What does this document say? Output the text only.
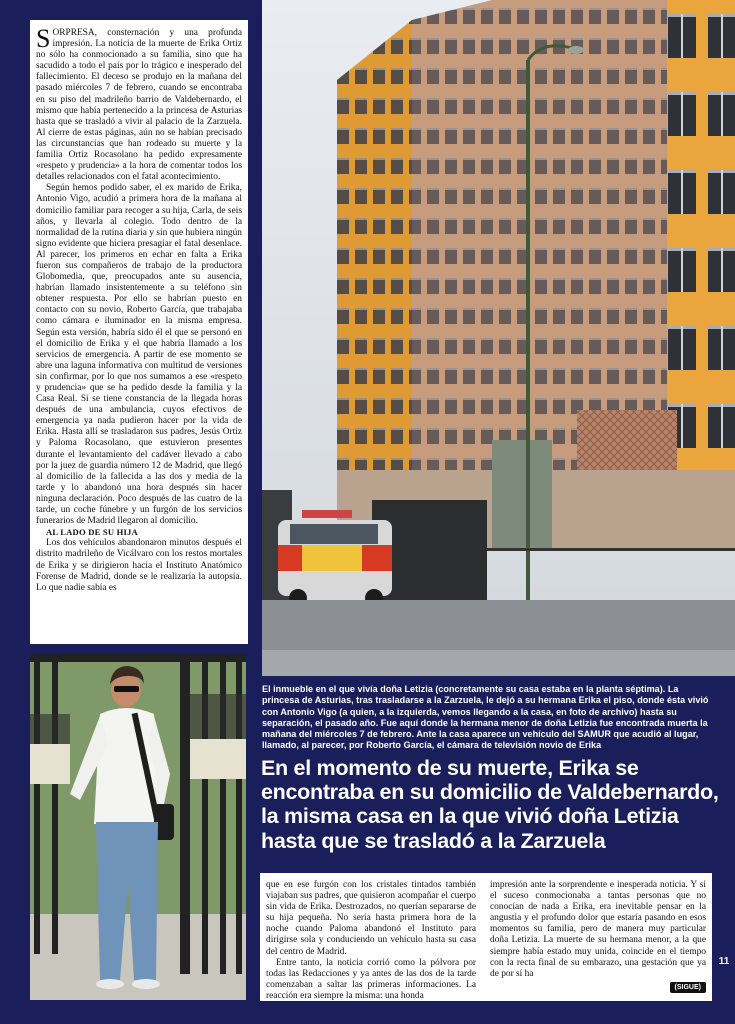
SORPRESA, consternación y una profunda impresión. La noticia de la muerte de Erika Ortiz no sólo ha conmocionado a su familia, sino que ha sacudido a todo el país por lo trágico e inesperado del fallecimiento. El deceso se produjo en la mañana del pasado miércoles 7 de febrero, cuando se encontraba en su piso del madrileño barrio de Valdebernardo, el mismo que había pertenecido a la princesa de Asturias hasta que se trasladó a vivir al palacio de la Zarzuela. Al cierre de estas páginas, aún no se habían precisado las circunstancias que han rodeado su muerte y la familia Ortiz Rocasolano ha pedido expresamente «respeto y prudencia» a la hora de comentar todos los detalles relacionados con el fatal acontecimiento.

Según hemos podido saber, el ex marido de Erika, Antonio Vigo, acudió a primera hora de la mañana al domicilio familiar para recoger a su hija, Carla, de seis años, y llevarla al colegio. Todo dentro de la normalidad de la rutina diaria y sin que hubiera ningún signo evidente que hiciera presagiar el fatal desenlace. Al parecer, los primeros en echar en falta a Erika fueron sus compañeros de trabajo de la productora Globomedia, que, preocupados ante su ausencia, habrían llamado insistentemente a su teléfono sin obtener respuesta. Por ello se habrían puesto en contacto con su novio, Roberto García, que trabajaba como cámara e iluminador en la misma empresa. Según esta versión, habría sido él el que se personó en el domicilio de Erika y el que habría llamado a los servicios de emergencia. A partir de ese momento se abre una laguna informativa con multitud de versiones sin confirmar, por lo que nos sumamos a ese «respeto y prudencia» que se ha pedido desde la familia y la Casa Real. Sí se tiene constancia de la llegada horas después de una ambulancia, cuyos efectivos de emergencia ya nada pudieron hacer por la vida de Erika. Hasta allí se trasladaron sus padres, Jesús Ortiz y Paloma Rocasolano, que estuvieron presentes durante el levantamiento del cadáver llevado a cabo por la juez de guardia número 12 de Madrid, que llegó al domicilio de la fallecida a las dos y media de la tarde y lo abandonó una hora después sin hacer ninguna declaración. Poco después de las cuatro de la tarde, un coche fúnebre y un furgón de los servicios funerarios de Madrid llegaron al domicilio.

AL LADO DE SU HIJA

Los dos vehículos abandonaron minutos después el distrito madrileño de Vicálvaro con los restos mortales de Erika y se dirigieron hacia el Instituto Anatómico Forense de Madrid, donde se le realizaría la autopsia. Lo que nadie sabía es

El inmueble en el que vivía doña Letizia (concretamente su casa estaba en la planta séptima). La princesa de Asturias, tras trasladarse a la Zarzuela, le dejó a su hermana Erika el piso, donde ésta vivió con Antonio Vigo (a quien, a la izquierda, vemos llegando a la casa, en foto de archivo) hasta su separación, el pasado año. Fue aquí donde la hermana menor de doña Letizia fue encontrada muerta la mañana del miércoles 7 de febrero. Ante la casa aparece un vehículo del SAMUR que acudió al lugar, llamado, al parecer, por Roberto García, el cámara de televisión novio de Erika
En el momento de su muerte, Erika se encontraba en su domicilio de Valdebernardo, la misma casa en la que vivió doña Letizia hasta que se trasladó a la Zarzuela

que en ese furgón con los cristales tintados también viajaban sus padres, que quisieron acompañar el cuerpo sin vida de Erika. Destrozados, no querían separarse de su hija pequeña. No sería hasta primera hora de la noche cuando Paloma abandonó el Instituto para dirigirse sola y conduciendo un vehículo hasta su casa del centro de Madrid.

Entre tanto, la noticia corrió como la pólvora por todas las Redacciones y ya antes de las dos de la tarde comenzaban a saltar las primeras informaciones. La reacción era siempre la misma: una honda

impresión ante la sorprendente e inesperada noticia. Y si el suceso conmocionaba a tantas personas que no conocían de nada a Erika, era inevitable pensar en la angustia y el profundo dolor que estaría pasando en esos momentos su familia, pero de manera muy particular doña Letizia. La muerte de su hermana menor, a la que siempre había estado muy unida, coincide en el tiempo con la recta final de su embarazo, una gestación que ya de por sí ha

(SIGUE)
11
